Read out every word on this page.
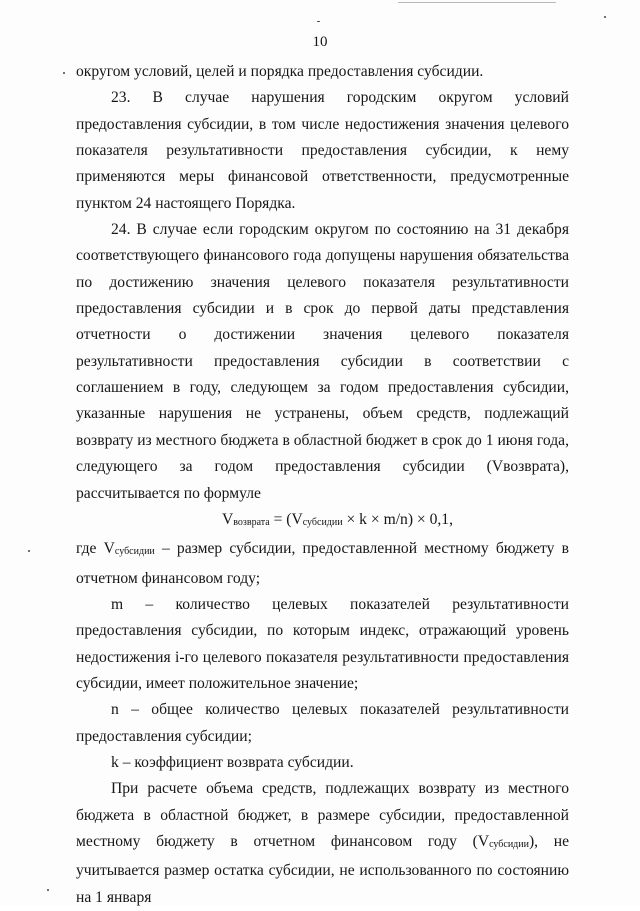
10

округом условий, целей и порядка предоставления субсидии.

23. В случае нарушения городским округом условий предоставления субсидии, в том числе недостижения значения целевого показателя результативности предоставления субсидии, к нему применяются меры финансовой ответственности, предусмотренные пунктом 24 настоящего Порядка.

24. В случае если городским округом по состоянию на 31 декабря соответствующего финансового года допущены нарушения обязательства по достижению значения целевого показателя результативности предоставления субсидии и в срок до первой даты представления отчетности о достижении значения целевого показателя результативности предоставления субсидии в соответствии с соглашением в году, следующем за годом предоставления субсидии, указанные нарушения не устранены, объем средств, подлежащий возврату из местного бюджета в областной бюджет в срок до 1 июня года, следующего за годом предоставления субсидии (Vвозврата), рассчитывается по формуле

Vвозврата = (Vсубсидии × k × m/n) × 0,1,

где Vсубсидии – размер субсидии, предоставленной местному бюджету в отчетном финансовом году;

m – количество целевых показателей результативности предоставления субсидии, по которым индекс, отражающий уровень недостижения i-го целевого показателя результативности предоставления субсидии, имеет положительное значение;

n – общее количество целевых показателей результативности предоставления субсидии;

k – коэффициент возврата субсидии.

При расчете объема средств, подлежащих возврату из местного бюджета в областной бюджет, в размере субсидии, предоставленной местному бюджету в отчетном финансовом году (Vсубсидии), не учитывается размер остатка субсидии, не использованного по состоянию на 1 января
